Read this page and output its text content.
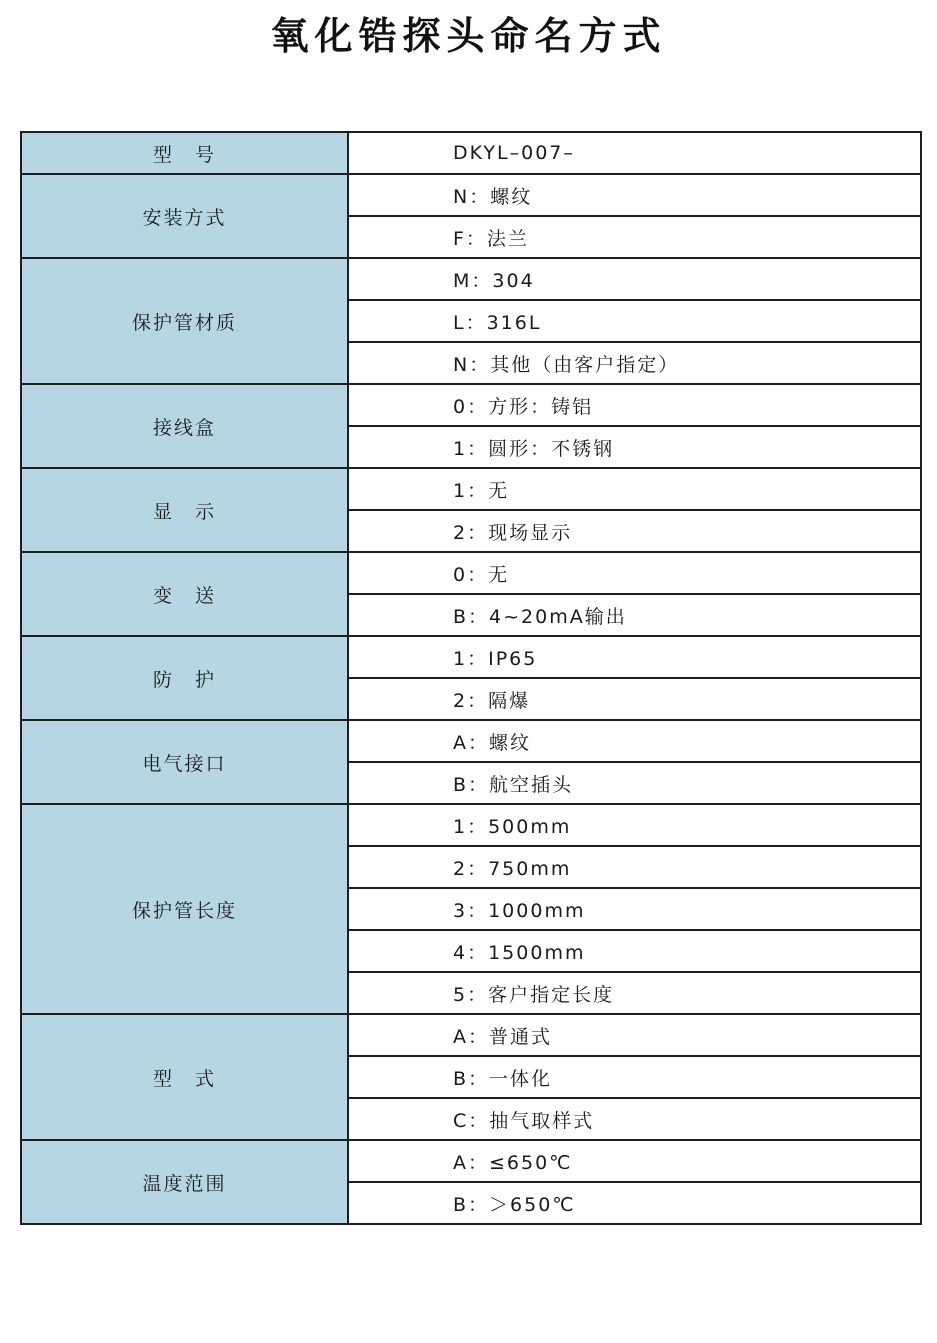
氧化锆探头命名方式
型　号	DKYL–007–
安装方式	N：螺纹
	F：法兰
保护管材质	M：304
	L：316L
	N：其他（由客户指定）
接线盒	0：方形：铸铝
	1：圆形：不锈钢
显　示	1：无
	2：现场显示
变　送	0：无
	B：4~20mA输出
防　护	1：IP65
	2：隔爆
电气接口	A：螺纹
	B：航空插头
保护管长度	1：500mm
	2：750mm
	3：1000mm
	4：1500mm
	5：客户指定长度
型　式	A：普通式
	B：一体化
	C：抽气取样式
温度范围	A：≤650℃
	B：＞650℃
